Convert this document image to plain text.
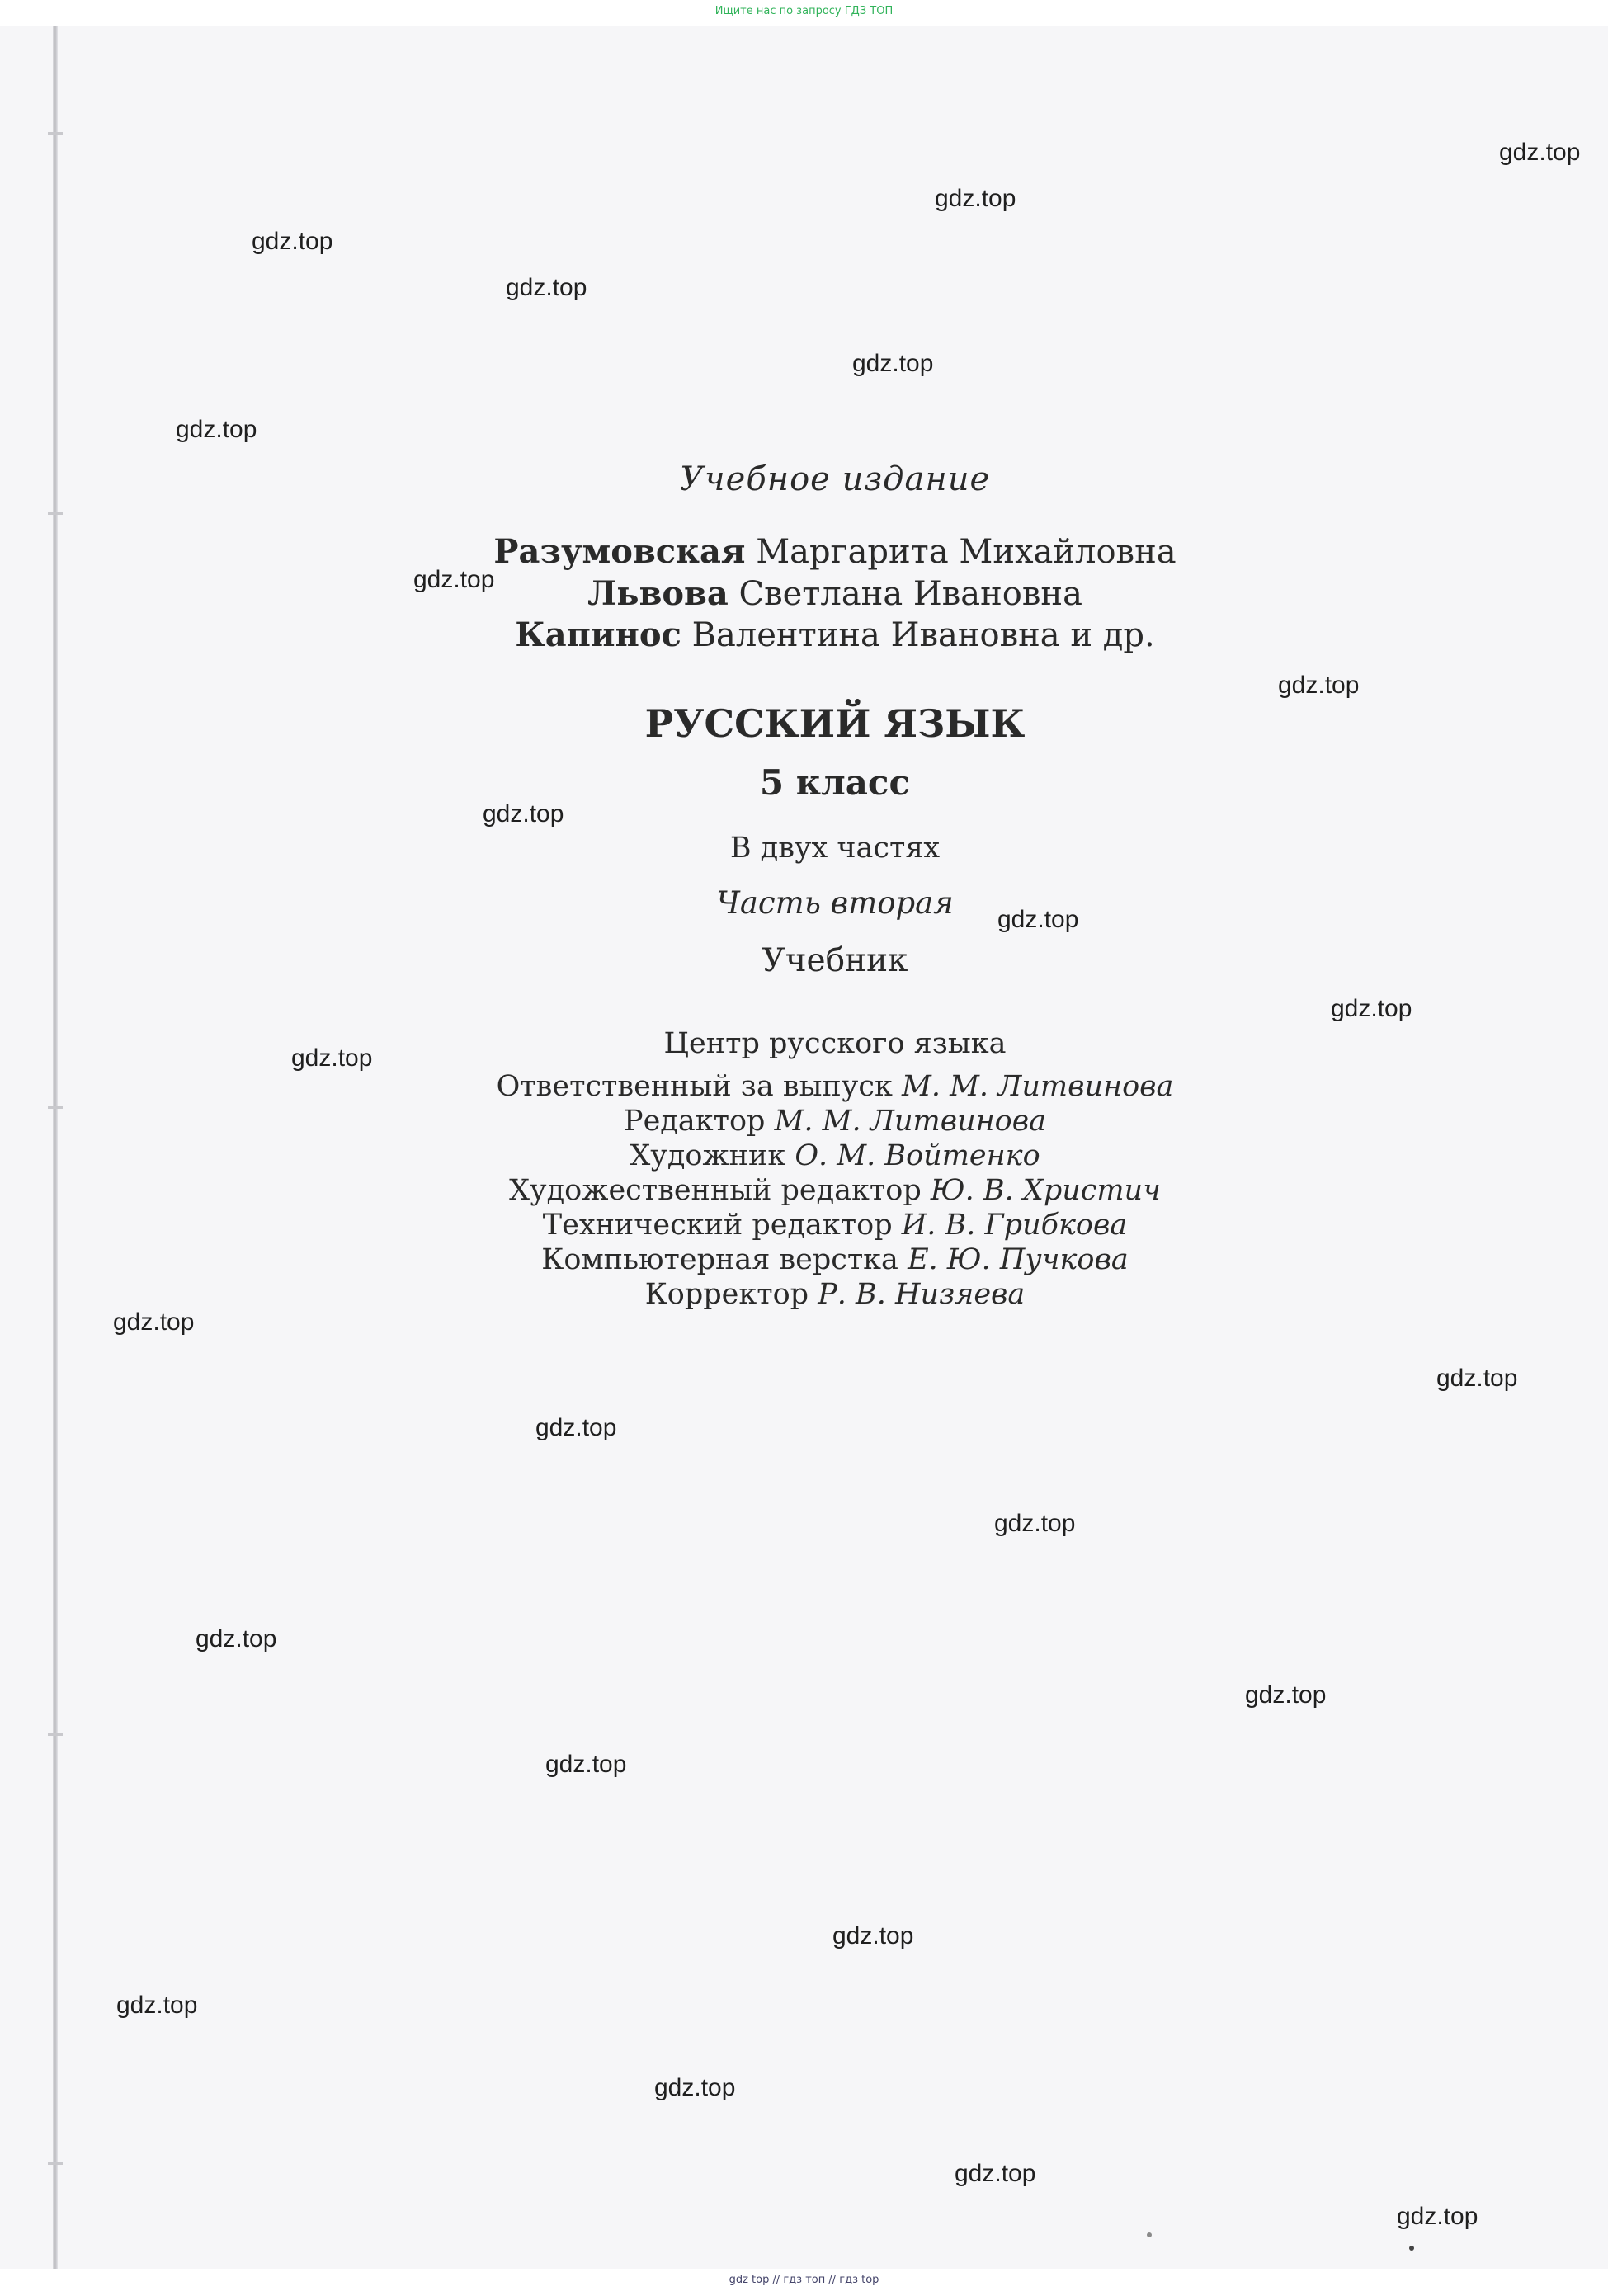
Ищите нас по запросу ГДЗ ТОП
Учебное издание
Разумовская Маргарита Михайловна
Львова Светлана Ивановна
Капинос Валентина Ивановна и др.
РУССКИЙ ЯЗЫК
5 класс
В двух частях
Часть вторая
Учебник
Центр русского языка
Ответственный за выпуск М. М. Литвинова
Редактор М. М. Литвинова
Художник О. М. Войтенко
Художественный редактор Ю. В. Христич
Технический редактор И. В. Грибкова
Компьютерная верстка Е. Ю. Пучкова
Корректор Р. В. Низяева
gdz.top
gdz.top
gdz.top
gdz.top
gdz.top
gdz.top
gdz.top
gdz.top
gdz.top
gdz.top
gdz.top
gdz.top
gdz.top
gdz.top
gdz.top
gdz.top
gdz.top
gdz.top
gdz.top
gdz.top
gdz.top
gdz.top
gdz.top
gdz.top
gdz top // гдз топ // гдз top
